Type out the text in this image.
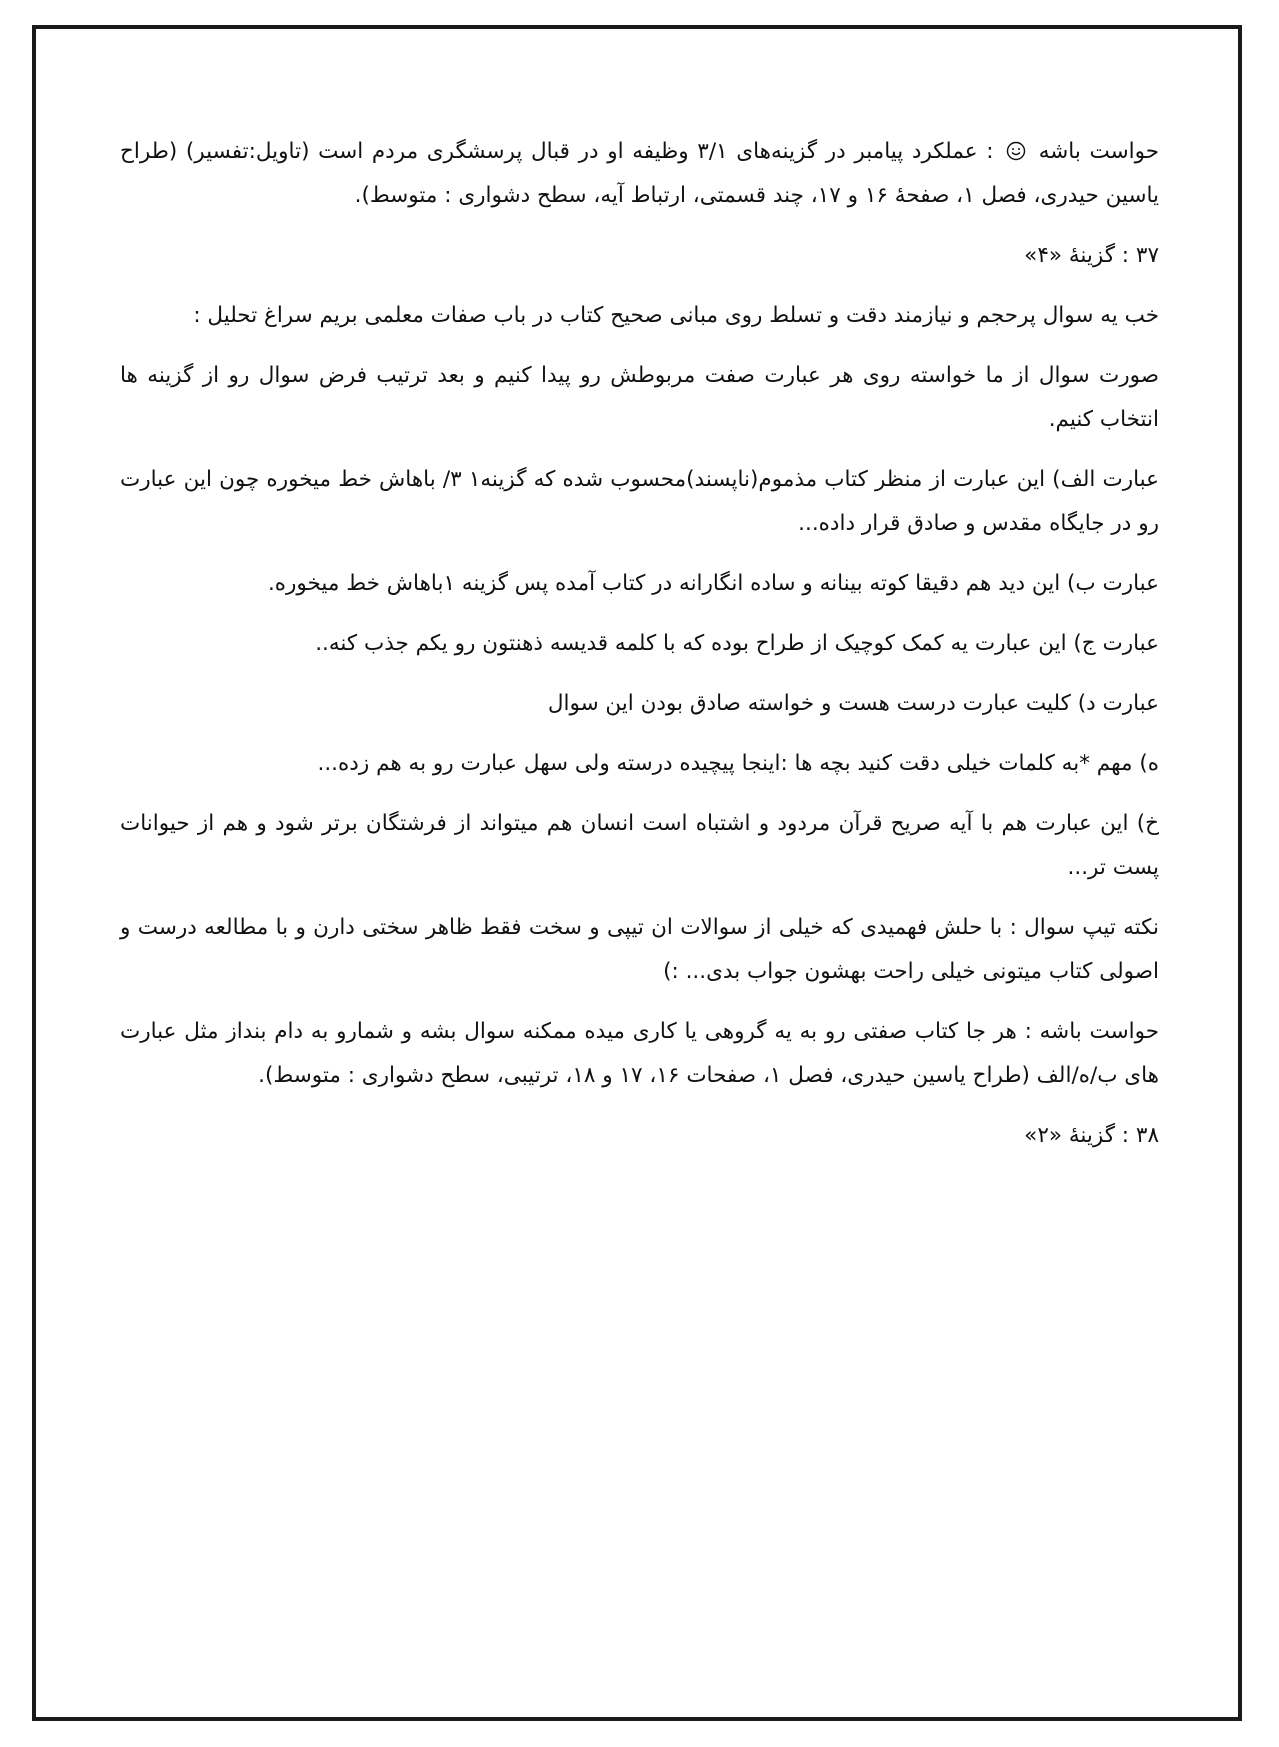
حواست باشه  : عملکرد پیامبر در گزینه‌های ۳/۱ وظیفه او در قبال پرسشگری مردم است (تاویل:تفسیر) (طراح یاسین حیدری، فصل ۱، صفحهٔ ۱۶ و ۱۷، چند قسمتی، ارتباط آیه، سطح دشواری : متوسط).

۳۷ : گزینهٔ «۴»

خب یه سوال پرحجم و نیازمند دقت و تسلط روی مبانی صحیح کتاب در باب صفات معلمی بریم سراغ تحلیل :

صورت سوال از ما خواسته روی هر عبارت صفت مربوطش رو پیدا کنیم و بعد ترتیب فرض سوال رو از گزینه ها انتخاب کنیم.

عبارت الف) این عبارت از منظر کتاب مذموم(ناپسند)محسوب شده که گزینه۱ ۳/ باهاش خط میخوره چون این عبارت رو در جایگاه مقدس و صادق قرار داده...

عبارت ب) این دید هم دقیقا کوته بینانه و ساده انگارانه در کتاب آمده پس گزینه ۱باهاش خط میخوره.

عبارت ج) این عبارت یه کمک کوچیک از طراح بوده که با کلمه قدیسه ذهنتون رو یکم جذب کنه..

عبارت د) کلیت عبارت درست هست و خواسته صادق بودن این سوال

ه) مهم *به کلمات خیلی دقت کنید بچه ها :اینجا پیچیده درسته ولی سهل عبارت رو به هم زده...

خ) این عبارت هم با آیه صریح قرآن مردود و اشتباه است انسان هم میتواند از فرشتگان برتر شود و هم از حیوانات پست تر...

نکته تیپ سوال : با حلش فهمیدی که خیلی از سوالات ان تیپی و سخت فقط ظاهر سختی دارن و با مطالعه درست و اصولی کتاب میتونی خیلی راحت بهشون جواب بدی... :)

حواست باشه : هر جا کتاب صفتی رو به یه گروهی یا کاری میده ممکنه سوال بشه و شمارو به دام بنداز مثل عبارت های ب/ه/الف (طراح یاسین حیدری، فصل ۱، صفحات ۱۶، ۱۷ و ۱۸، ترتیبی، سطح دشواری : متوسط).

۳۸ : گزینهٔ «۲»
